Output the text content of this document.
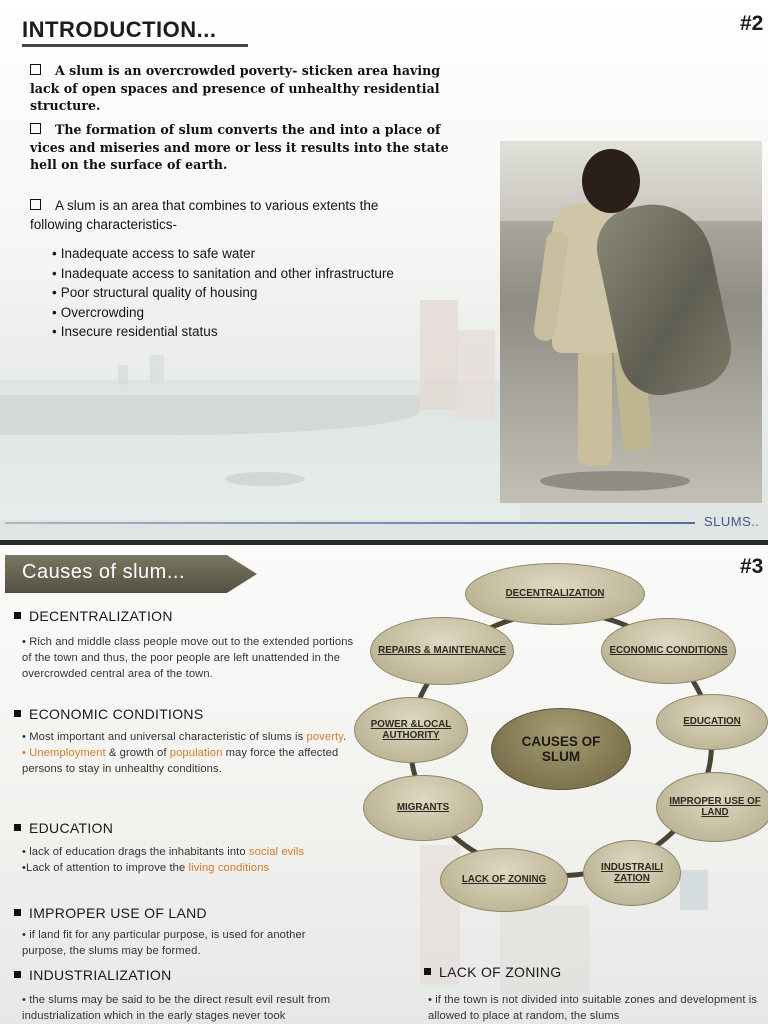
INTRODUCTION...	#2

A slum is an overcrowded poverty- sticken area having lack of open spaces and presence of unhealthy residential structure.

The formation of slum converts the and into a place of vices and miseries and more or less it results into the state hell on the surface of earth.

A slum is an area that combines to various extents the following characteristics-

• Inadequate access to safe water
• Inadequate access to sanitation and other infrastructure
• Poor structural quality of housing
• Overcrowding
• Insecure residential status
SLUMS..
Causes of slum...	#3
DECENTRALIZATION

• Rich and middle class people move out to the extended portions of the town and thus, the poor people are left unattended in the overcrowded central area of the town.

ECONOMIC CONDITIONS

• Most important and universal characteristic of slums is poverty.
• Unemployment & growth of population may force the affected persons to stay in unhealthy conditions.

EDUCATION

• lack of education drags the inhabitants into social evils
•Lack of attention to improve the living conditions

IMPROPER USE OF LAND

• if land fit for any particular purpose, is used for another purpose, the slums may be formed.

INDUSTRIALIZATION

• the slums may be said to be the direct result evil result from industrialization which in the early stages never took

LACK OF ZONING

• if the town is not divided into suitable zones and development is allowed to place at random, the slums

DECENTRALIZATION
ECONOMIC CONDITIONS
EDUCATION
IMPROPER USE OF LAND
INDUSTRAILI ZATION
LACK OF ZONING
MIGRANTS
POWER &LOCAL AUTHORITY
REPAIRS & MAINTENANCE
CAUSES OF SLUM
